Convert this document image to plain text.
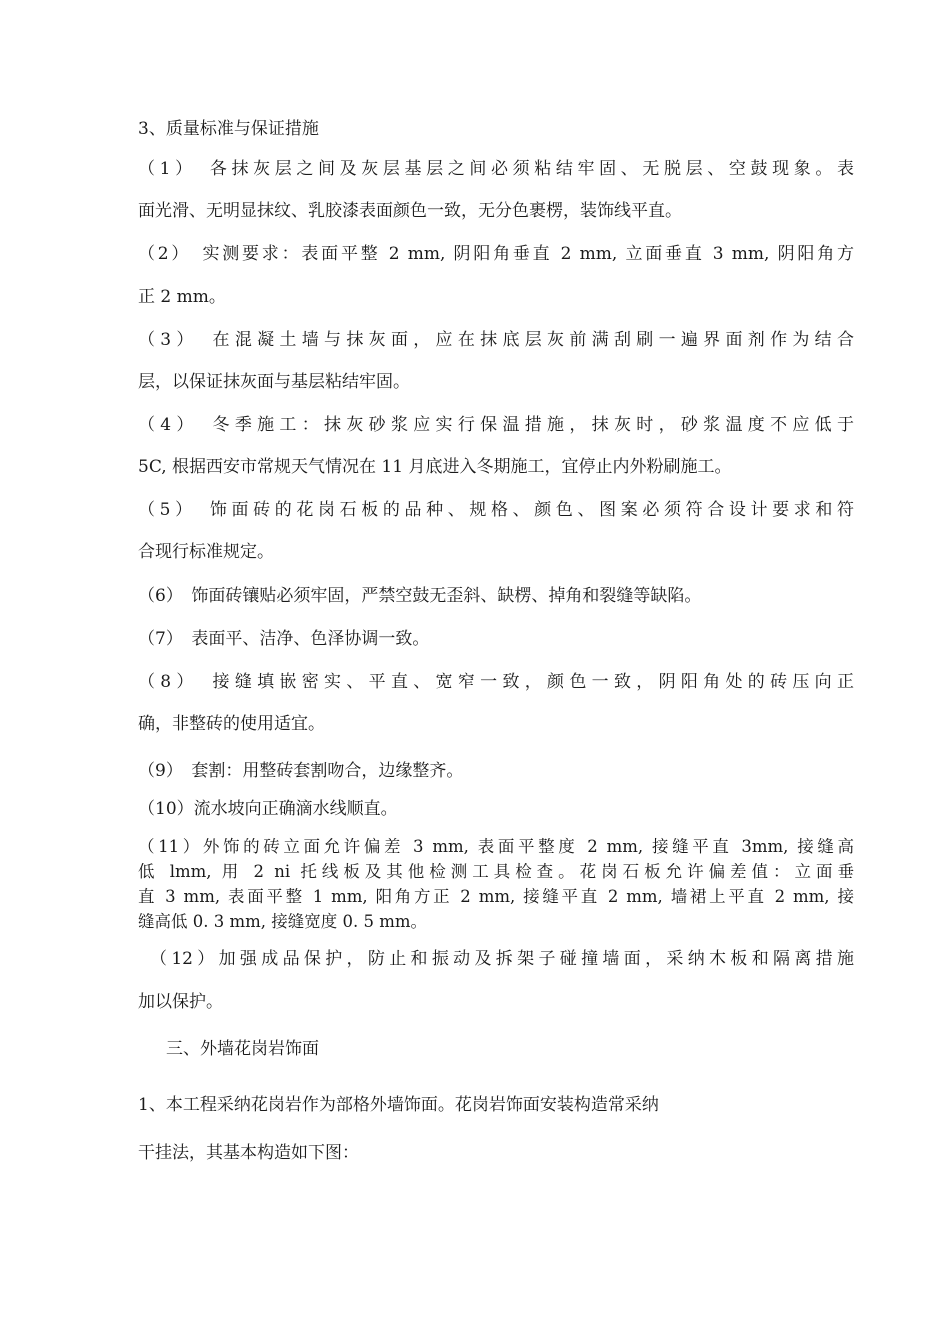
3、质量标准与保证措施
（1）　各抹灰层之间及灰层基层之间必须粘结牢固、无脱层、空鼓现象。表
面光滑、无明显抹纹、乳胶漆表面颜色一致，无分色裹楞，装饰线平直。
（2）　实测要求：表面平整 2 mm, 阴阳角垂直 2 mm, 立面垂直 3 mm, 阴阳角方
正 2 mm。
（3）　在混凝土墙与抹灰面，应在抹底层灰前满刮刷一遍界面剂作为结合
层，以保证抹灰面与基层粘结牢固。
（4）　冬季施工：抹灰砂浆应实行保温措施，抹灰时，砂浆温度不应低于
5C, 根据西安市常规天气情况在 11 月底进入冬期施工，宜停止内外粉刷施工。
（5）　饰面砖的花岗石板的品种、规格、颜色、图案必须符合设计要求和符
合现行标准规定。
（6）　饰面砖镶贴必须牢固，严禁空鼓无歪斜、缺楞、掉角和裂缝等缺陷。
（7）　表面平、洁净、色泽协调一致。
（8）　接缝填嵌密实、平直、宽窄一致，颜色一致，阴阳角处的砖压向正
确，非整砖的使用适宜。
（9）　套割：用整砖套割吻合，边缘整齐。
（10）流水坡向正确滴水线顺直。
（11）外饰的砖立面允许偏差 3 mm, 表面平整度 2 mm, 接缝平直 3mm, 接缝高
低 lmm, 用 2 ni 托线板及其他检测工具检查。花岗石板允许偏差值：立面垂
直 3 mm, 表面平整 1 mm, 阳角方正 2 mm, 接缝平直 2 mm, 墙裙上平直 2 mm, 接
缝高低 0. 3 mm, 接缝宽度 0. 5 mm。
（12）加强成品保护，防止和振动及拆架子碰撞墙面，采纳木板和隔离措施
加以保护。
三、外墙花岗岩饰面
1、本工程采纳花岗岩作为部格外墙饰面。花岗岩饰面安装构造常采纳
干挂法，其基本构造如下图：
